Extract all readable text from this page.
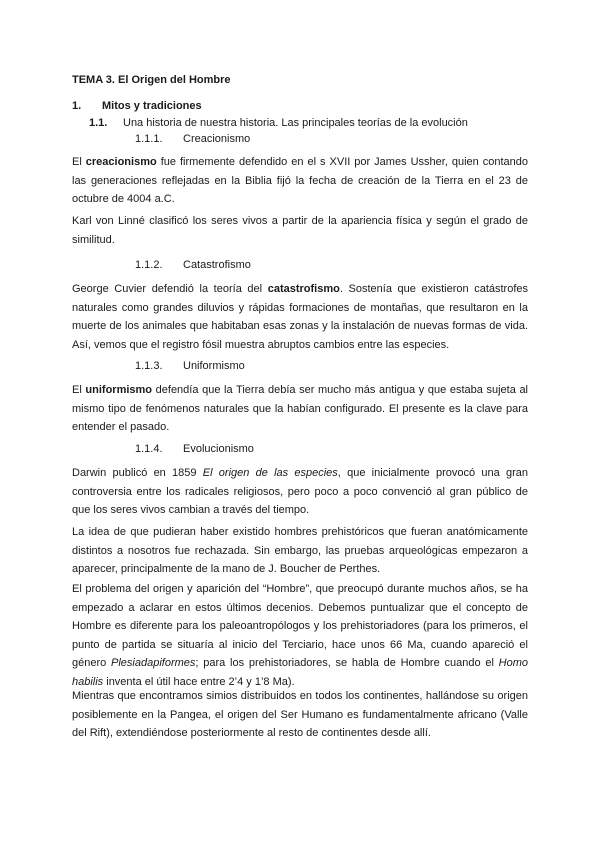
TEMA 3. El Origen del Hombre
1. Mitos y tradiciones
1.1. Una historia de nuestra historia. Las principales teorías de la evolución
1.1.1. Creacionismo
El creacionismo fue firmemente defendido en el s XVII por James Ussher, quien contando las generaciones reflejadas en la Biblia fijó la fecha de creación de la Tierra en el 23 de octubre de 4004 a.C.
Karl von Linné clasificó los seres vivos a partir de la apariencia física y según el grado de similitud.
1.1.2. Catastrofismo
George Cuvier defendió la teoría del catastrofismo. Sostenía que existieron catástrofes naturales como grandes diluvios y rápidas formaciones de montañas, que resultaron en la muerte de los animales que habitaban esas zonas y la instalación de nuevas formas de vida. Así, vemos que el registro fósil muestra abruptos cambios entre las especies.
1.1.3. Uniformismo
El uniformismo defendía que la Tierra debía ser mucho más antigua y que estaba sujeta al mismo tipo de fenómenos naturales que la habían configurado. El presente es la clave para entender el pasado.
1.1.4. Evolucionismo
Darwin publicó en 1859 El origen de las especies, que inicialmente provocó una gran controversia entre los radicales religiosos, pero poco a poco convenció al gran público de que los seres vivos cambian a través del tiempo.
La idea de que pudieran haber existido hombres prehistóricos que fueran anatómicamente distintos a nosotros fue rechazada. Sin embargo, las pruebas arqueológicas empezaron a aparecer, principalmente de la mano de J. Boucher de Perthes.
El problema del origen y aparición del “Hombre”, que preocupó durante muchos años, se ha empezado a aclarar en estos últimos decenios. Debemos puntualizar que el concepto de Hombre es diferente para los paleoantropólogos y los prehistoriadores (para los primeros, el punto de partida se situaría al inicio del Terciario, hace unos 66 Ma, cuando apareció el género Plesiadapiformes; para los prehistoriadores, se habla de Hombre cuando el Homo habilis inventa el útil hace entre 2’4 y 1’8 Ma).
Mientras que encontramos simios distribuidos en todos los continentes, hallándose su origen posiblemente en la Pangea, el origen del Ser Humano es fundamentalmente africano (Valle del Rift), extendiéndose posteriormente al resto de continentes desde allí.
